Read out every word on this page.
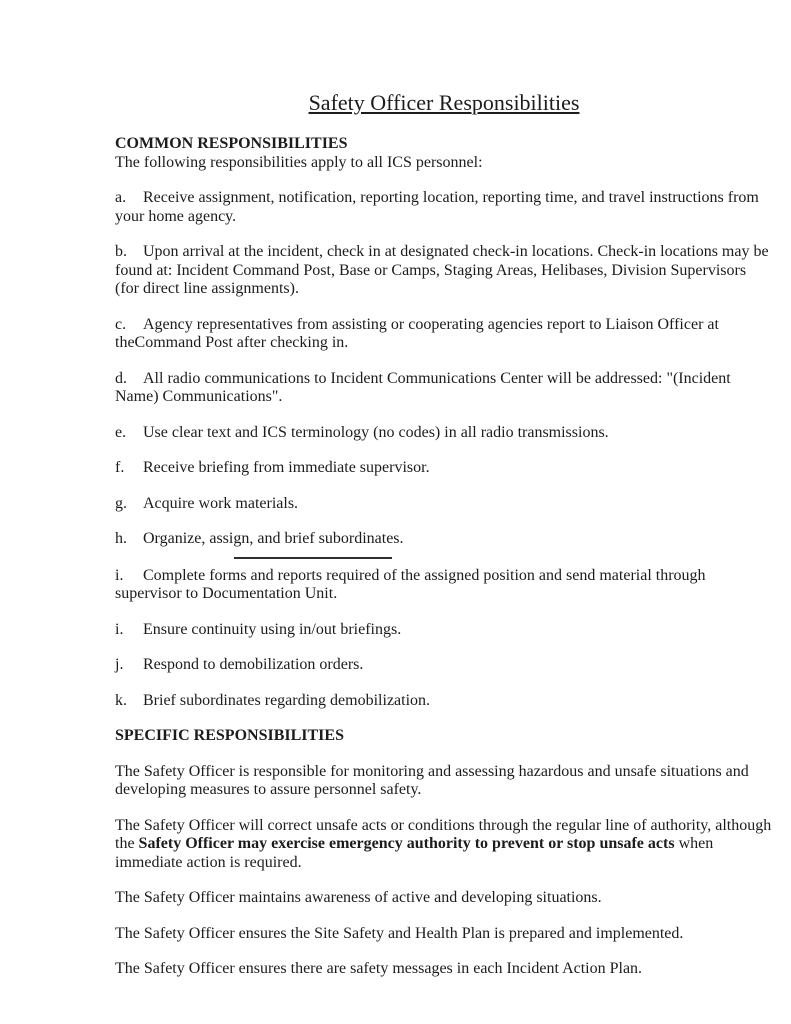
Safety Officer Responsibilities

COMMON RESPONSIBILITIES

The following responsibilities apply to all ICS personnel:

a. Receive assignment, notification, reporting location, reporting time, and travel instructions from your home agency.

b. Upon arrival at the incident, check in at designated check-in locations. Check-in locations may be found at: Incident Command Post, Base or Camps, Staging Areas, Helibases, Division Supervisors (for direct line assignments).

c. Agency representatives from assisting or cooperating agencies report to Liaison Officer at theCommand Post after checking in.

d. All radio communications to Incident Communications Center will be addressed: "(Incident Name) Communications".

e. Use clear text and ICS terminology (no codes) in all radio transmissions.

f. Receive briefing from immediate supervisor.

g. Acquire work materials.

h. Organize, assign, and brief subordinates.

i. Complete forms and reports required of the assigned position and send material through supervisor to Documentation Unit.

i. Ensure continuity using in/out briefings.

j. Respond to demobilization orders.

k. Brief subordinates regarding demobilization.

SPECIFIC RESPONSIBILITIES

The Safety Officer is responsible for monitoring and assessing hazardous and unsafe situations and developing measures to assure personnel safety.

The Safety Officer will correct unsafe acts or conditions through the regular line of authority, although the Safety Officer may exercise emergency authority to prevent or stop unsafe acts when immediate action is required.

The Safety Officer maintains awareness of active and developing situations.

The Safety Officer ensures the Site Safety and Health Plan is prepared and implemented.

The Safety Officer ensures there are safety messages in each Incident Action Plan.
